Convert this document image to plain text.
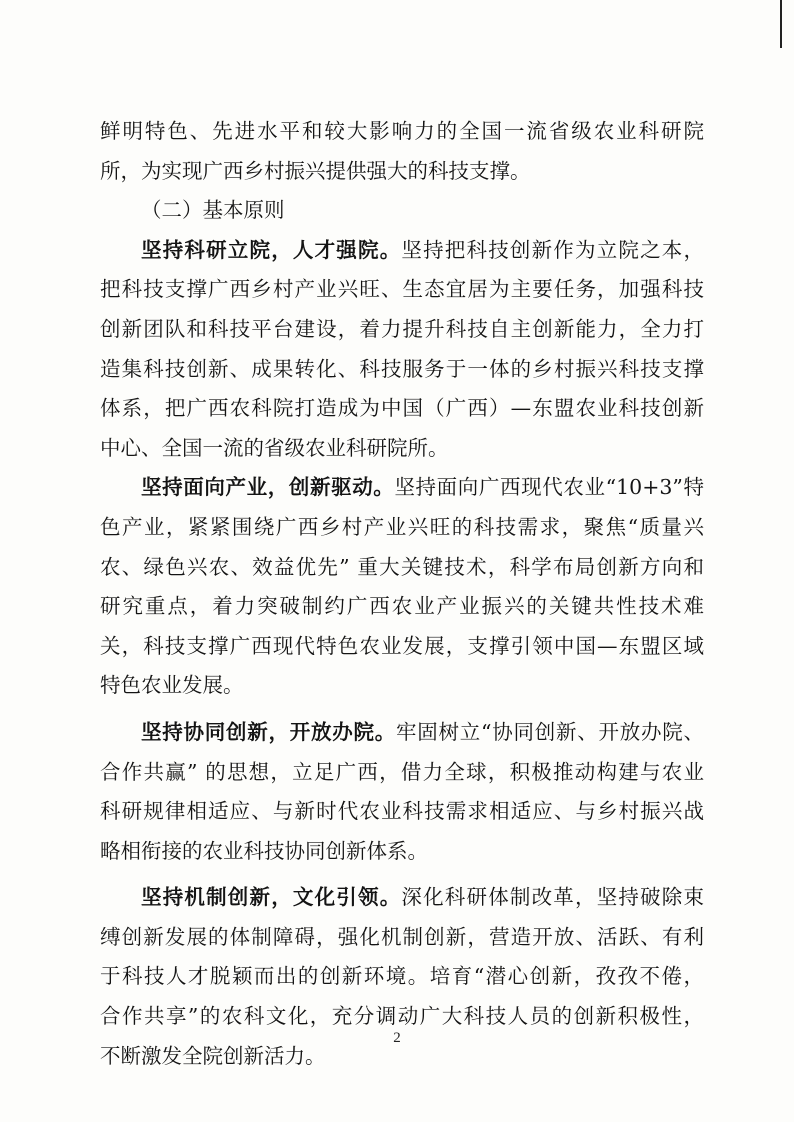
鲜明特色、先进水平和较大影响力的全国一流省级农业科研院
所，为实现广西乡村振兴提供强大的科技支撑。
（二）基本原则
坚持科研立院，人才强院。坚持把科技创新作为立院之本，
把科技支撑广西乡村产业兴旺、生态宜居为主要任务，加强科技
创新团队和科技平台建设，着力提升科技自主创新能力，全力打
造集科技创新、成果转化、科技服务于一体的乡村振兴科技支撑
体系，把广西农科院打造成为中国（广西）—东盟农业科技创新
中心、全国一流的省级农业科研院所。
坚持面向产业，创新驱动。坚持面向广西现代农业“10+3”特
色产业，紧紧围绕广西乡村产业兴旺的科技需求，聚焦“质量兴
农、绿色兴农、效益优先” 重大关键技术，科学布局创新方向和
研究重点，着力突破制约广西农业产业振兴的关键共性技术难
关，科技支撑广西现代特色农业发展，支撑引领中国—东盟区域
特色农业发展。
坚持协同创新，开放办院。牢固树立“协同创新、开放办院、
合作共赢” 的思想，立足广西，借力全球，积极推动构建与农业
科研规律相适应、与新时代农业科技需求相适应、与乡村振兴战
略相衔接的农业科技协同创新体系。
坚持机制创新，文化引领。深化科研体制改革，坚持破除束
缚创新发展的体制障碍，强化机制创新，营造开放、活跃、有利
于科技人才脱颖而出的创新环境。培育“潜心创新，孜孜不倦，
合作共享”的农科文化，充分调动广大科技人员的创新积极性，
不断激发全院创新活力。
2
